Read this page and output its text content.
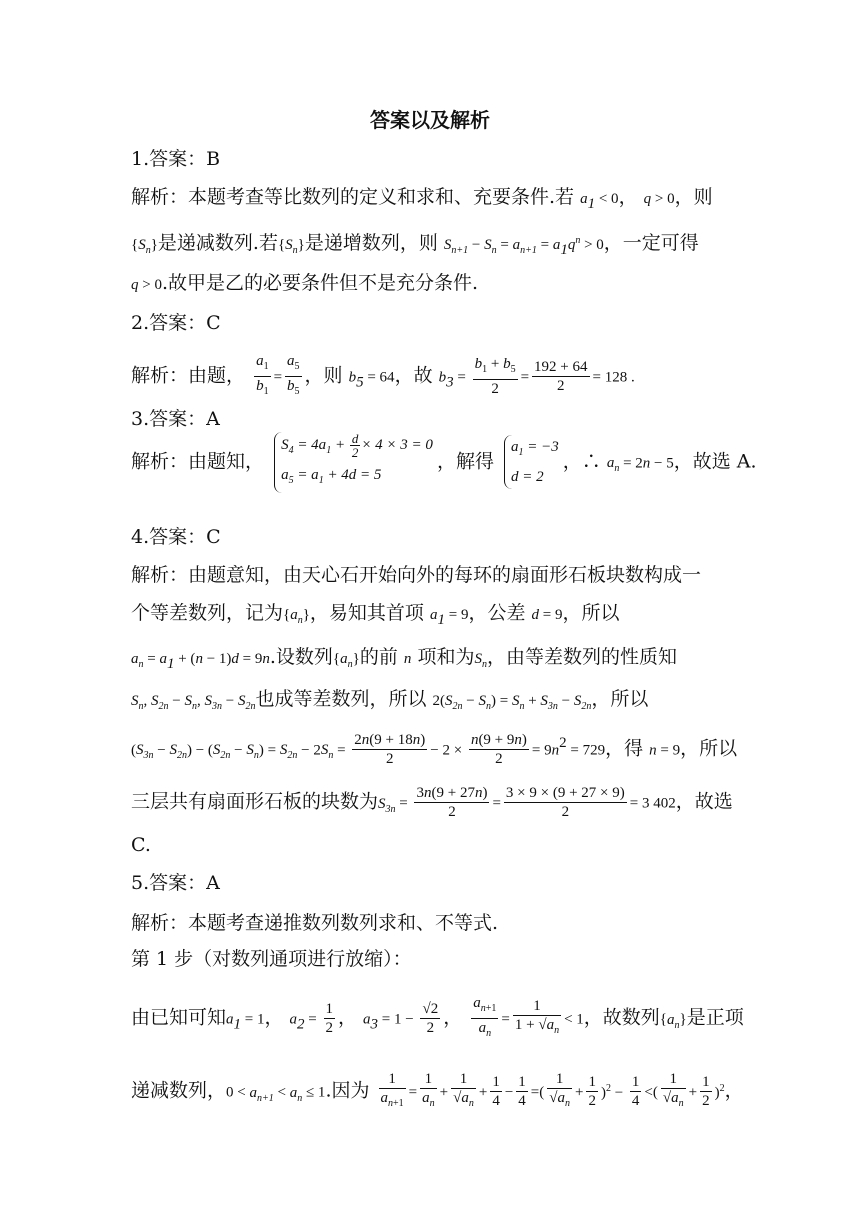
答案以及解析
1.答案：B
解析：本题考查等比数列的定义和求和、充要条件.若 $a_1 < 0$， q > 0，则
$\{S_n\}$是递减数列.若$\{S_n\}$是递增数列，则 $S_{n+1} - S_n = a_{n+1} = a_1q^n > 0$，一定可得
q > 0.故甲是乙的必要条件但不是充分条件.
2.答案：C
解析：由题， $\frac{a_1}{b_1} = \frac{a_5}{b_5}$ ，则 $b_5 = 64$，故 $b_3 = \frac{b_1 + b_5}{2} = \frac{192 + 64}{2} = 128$ .
3.答案：A
解析：由题知，
$S_4 = 4a_1 + \frac{d}{2} \times 4 \times 3 = 0$
$a_5 = a_1 + 4d = 5$
，解得
$a_1 = -3$
d = 2
，∴ $a_n = 2n - 5$，故选 A.
4.答案：C
解析：由题意知，由天心石开始向外的每环的扇面形石板块数构成一
个等差数列，记为$\{a_n\}$，易知其首项 $a_1 = 9$，公差 d = 9，所以
$a_n = a_1 + (n - 1)d = 9n$.设数列$\{a_n\}$的前 n 项和为$S_n$，由等差数列的性质知
$S_n$, $S_{2n} - S_n$, $S_{3n} - S_{2n}$也成等差数列，所以 $2(S_{2n} - S_n) = S_n + S_{3n} - S_{2n}$，所以
$(S_{3n} - S_{2n}) - (S_{2n} - S_n) = S_{2n} - 2S_n = \frac{2n(9 + 18n)}{2} - 2 \times \frac{n(9 + 9n)}{2} = 9n^2 = 729$，得 n = 9，所以
三层共有扇面形石板的块数为$S_{3n} = \frac{3n(9 + 27n)}{2} = \frac{3 \times 9 \times (9 + 27 \times 9)}{2} = 3$ 402，故选
C.
5.答案：A
解析：本题考查递推数列数列求和、不等式.
第 1 步（对数列通项进行放缩）：
由已知可知$a_1 = 1$， $a_2 = \frac{1}{2}$ ， $a_3 = 1 - \frac{√2}{2}$ ， $\frac{a_{n+1}}{a_n} = \frac{1}{1 + √a_n} < 1$，故数列$\{a_n\}$是正项
递减数列，$0 < a_{n+1} < a_n \le 1$.因为 $\frac{1}{a_{n+1}} = \frac{1}{a_n} + \frac{1}{√a_n} + \frac{1}{4} - \frac{1}{4}$ =( $\frac{1}{√a_n} + \frac{1}{2} )^2 - \frac{1}{4}$ <( $\frac{1}{√a_n} + \frac{1}{2} )^2$，
